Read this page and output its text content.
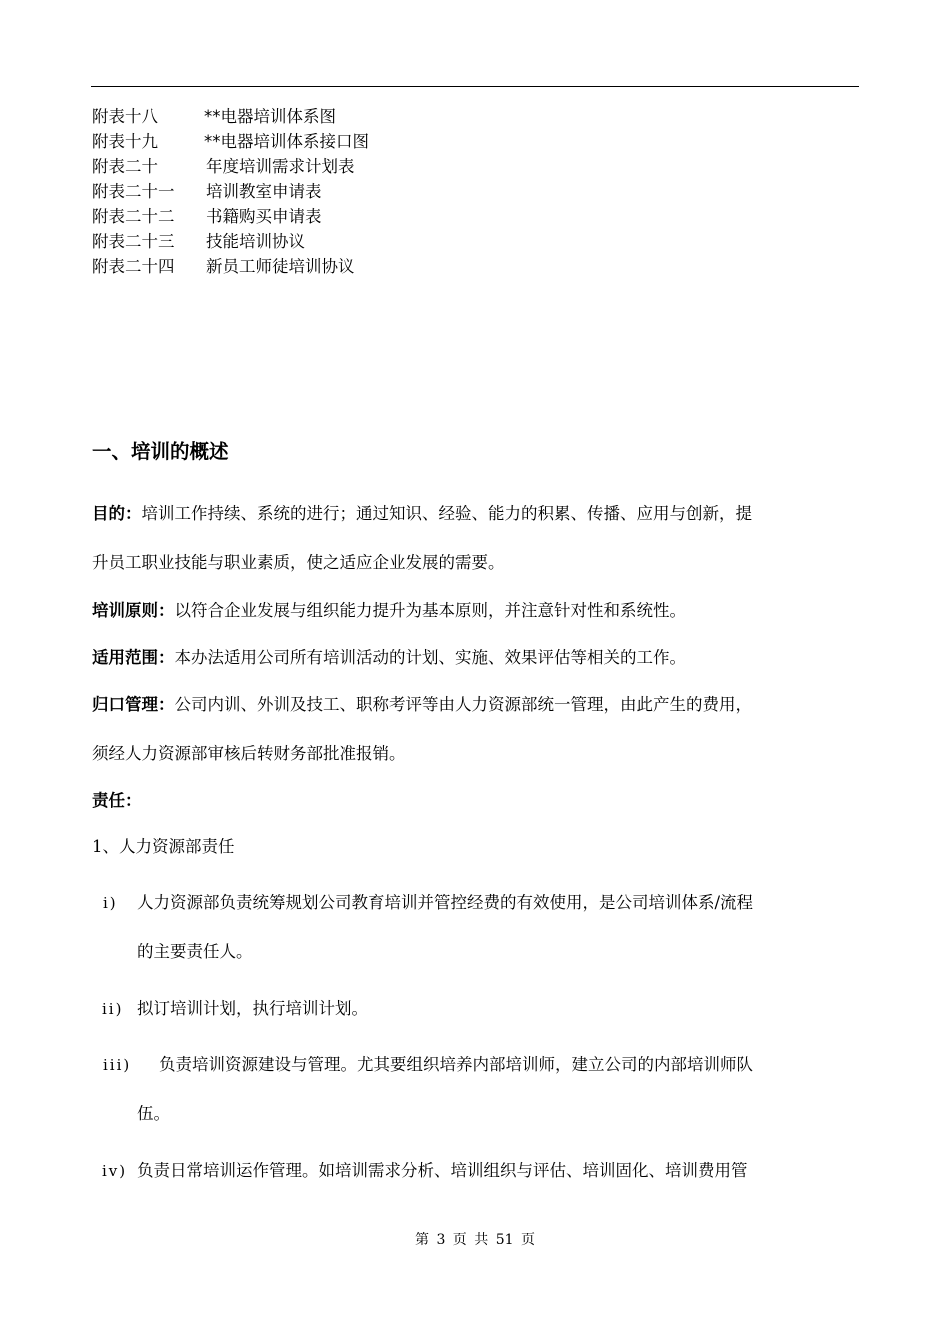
附表十八	**电器培训体系图
附表十九	**电器培训体系接口图
附表二十	年度培训需求计划表
附表二十一 培训教室申请表
附表二十二 书籍购买申请表
附表二十三 技能培训协议
附表二十四 新员工师徒培训协议
一、培训的概述
目的：培训工作持续、系统的进行；通过知识、经验、能力的积累、传播、应用与创新，提
升员工职业技能与职业素质，使之适应企业发展的需要。
培训原则：以符合企业发展与组织能力提升为基本原则，并注意针对性和系统性。
适用范围：本办法适用公司所有培训活动的计划、实施、效果评估等相关的工作。
归口管理：公司内训、外训及技工、职称考评等由人力资源部统一管理，由此产生的费用，
须经人力资源部审核后转财务部批准报销。
责任：
1、人力资源部责任
i) 人力资源部负责统筹规划公司教育培训并管控经费的有效使用，是公司培训体系/流程
的主要责任人。
ii) 拟订培训计划，执行培训计划。
iii) 负责培训资源建设与管理。尤其要组织培养内部培训师，建立公司的内部培训师队
伍。
iv) 负责日常培训运作管理。如培训需求分析、培训组织与评估、培训固化、培训费用管
第 3 页 共 51 页
